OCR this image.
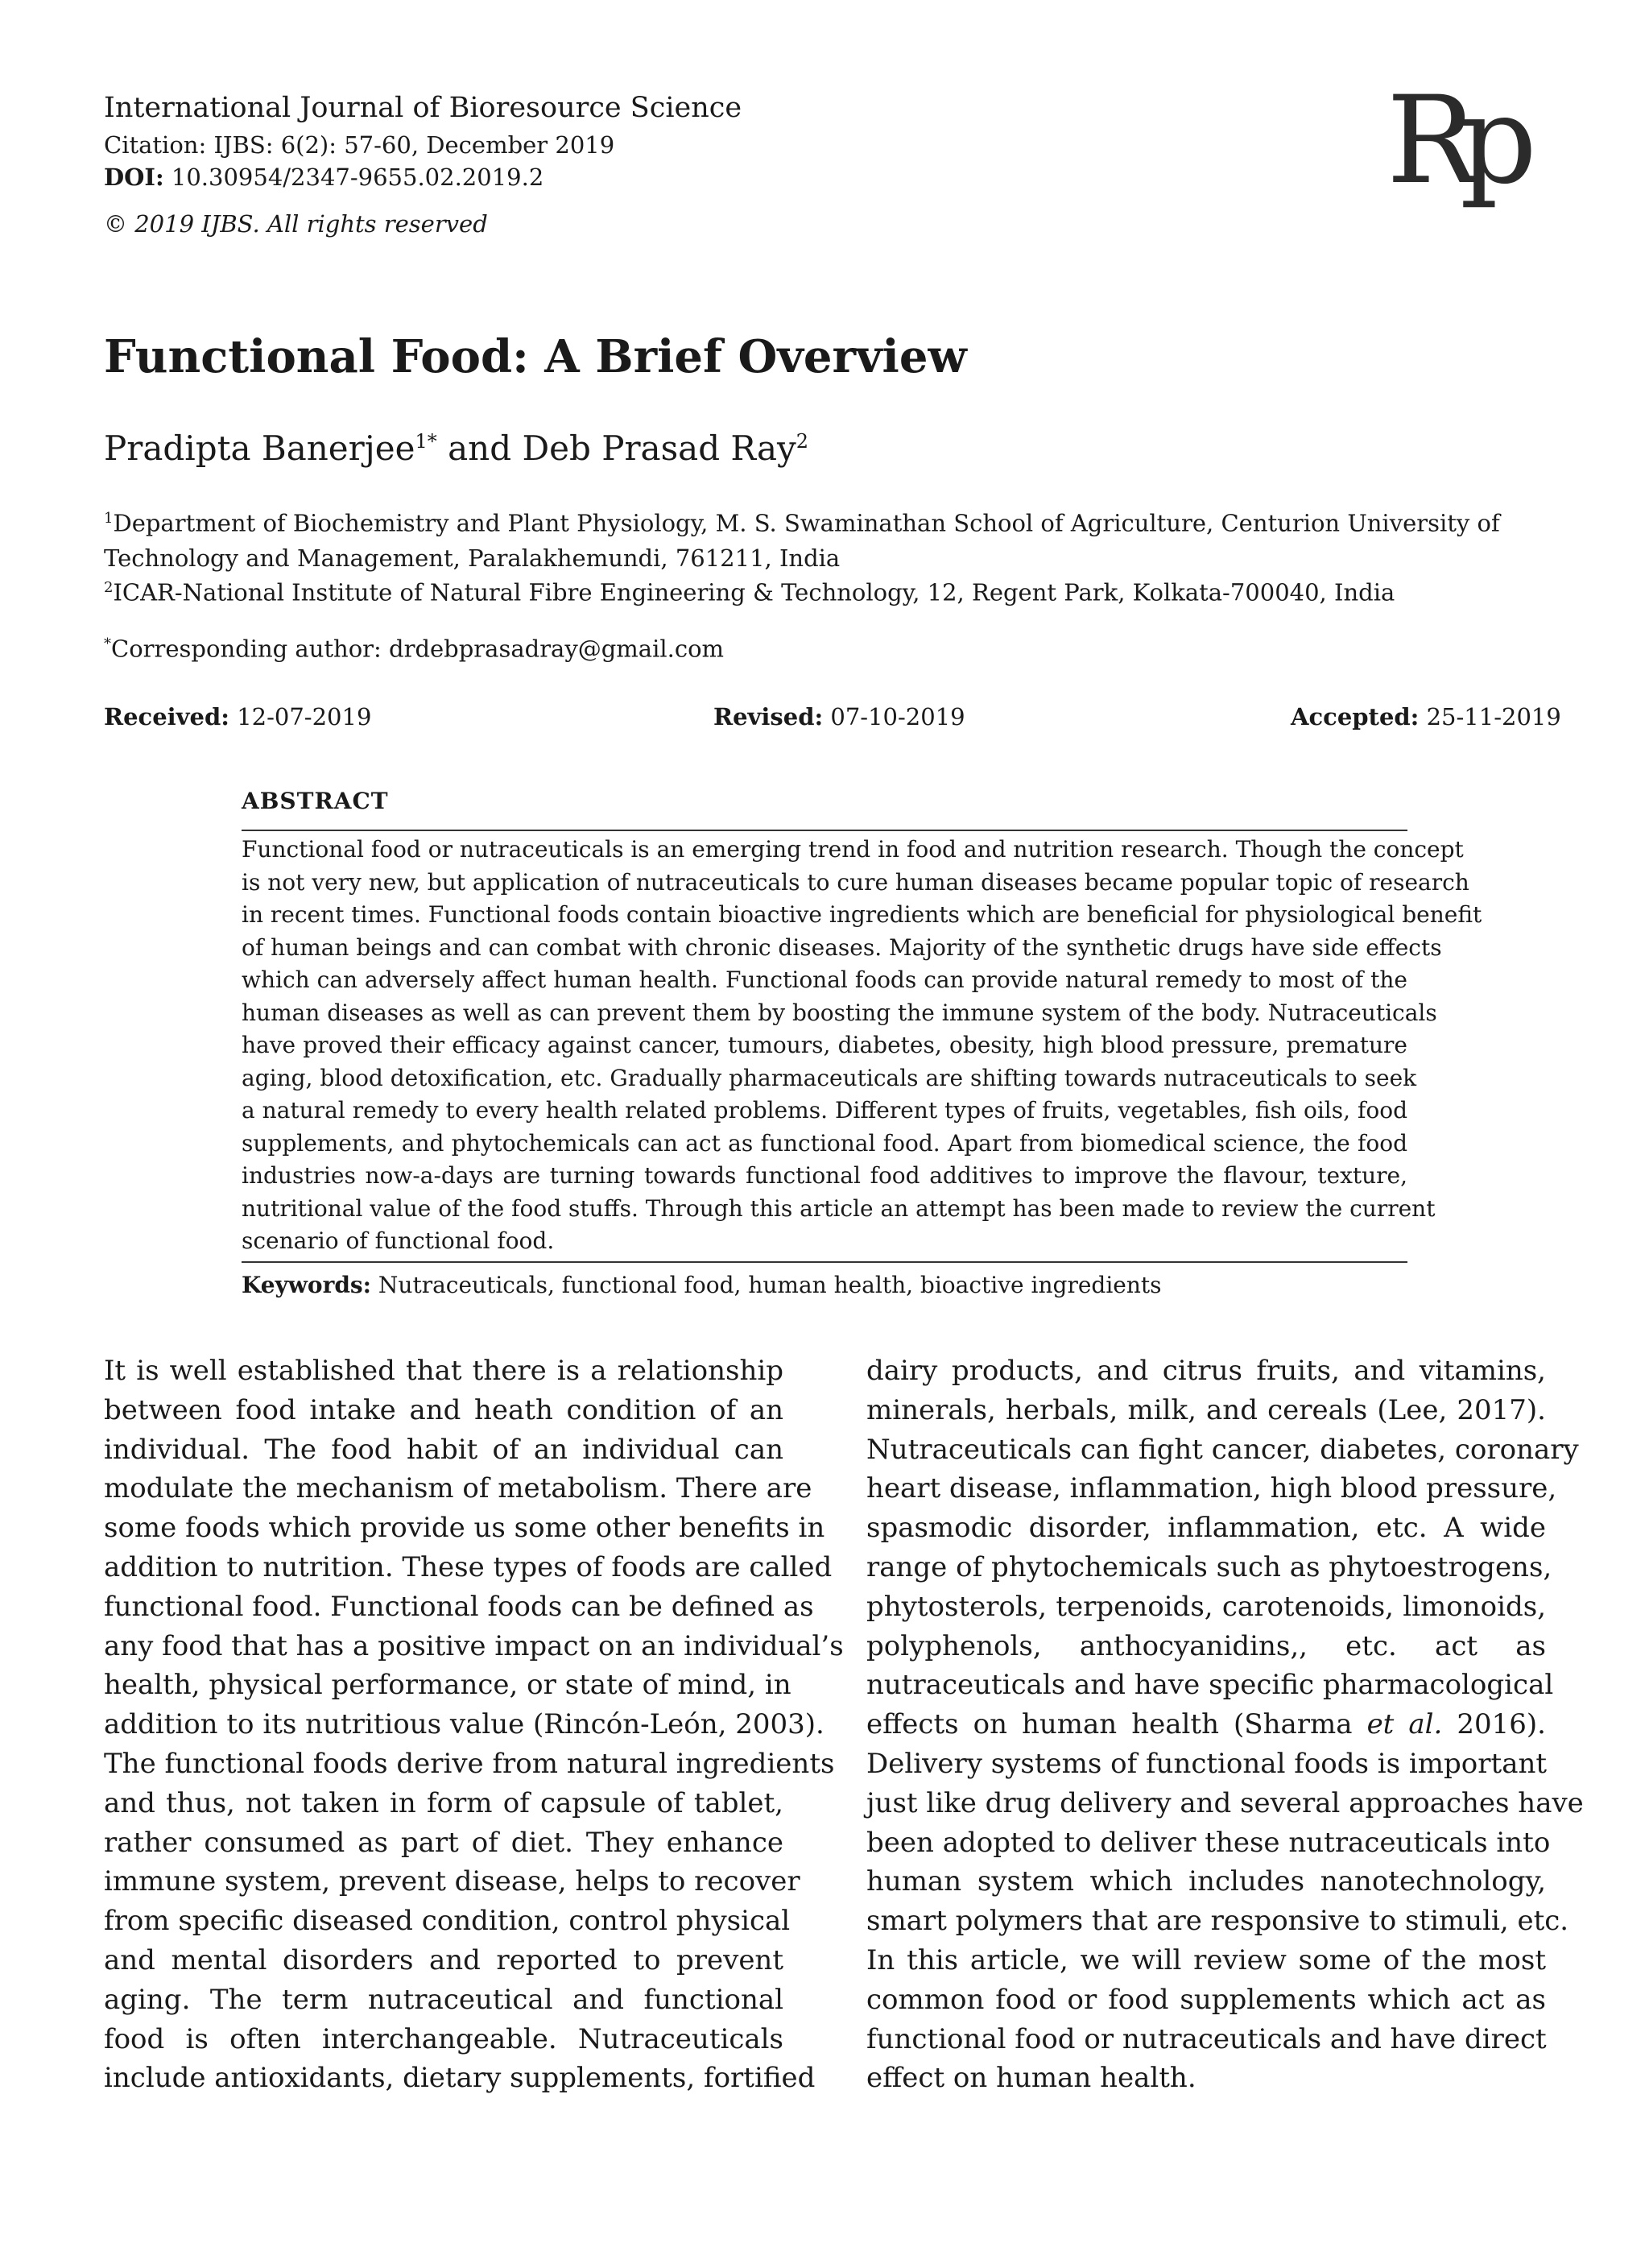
International Journal of Bioresource Science
Citation: IJBS: 6(2): 57-60, December 2019
DOI: 10.30954/2347-9655.02.2019.2
© 2019 IJBS. All rights reserved
Rp
Functional Food: A Brief Overview
Pradipta Banerjee$^{1*}$ and Deb Prasad Ray$^2$
$^1$Department of Biochemistry and Plant Physiology, M. S. Swaminathan School of Agriculture, Centurion University of Technology and Management, Paralakhemundi, 761211, India
$^2$ICAR-National Institute of Natural Fibre Engineering & Technology, 12, Regent Park, Kolkata-700040, India
*Corresponding author: drdebprasadray@gmail.com
Received: 12-07-2019	Revised: 07-10-2019	Accepted: 25-11-2019
ABSTRACT
Functional food or nutraceuticals is an emerging trend in food and nutrition research. Though the concept
is not very new, but application of nutraceuticals to cure human diseases became popular topic of research
in recent times. Functional foods contain bioactive ingredients which are beneficial for physiological benefit
of human beings and can combat with chronic diseases. Majority of the synthetic drugs have side effects
which can adversely affect human health. Functional foods can provide natural remedy to most of the
human diseases as well as can prevent them by boosting the immune system of the body. Nutraceuticals
have proved their efficacy against cancer, tumours, diabetes, obesity, high blood pressure, premature
aging, blood detoxification, etc. Gradually pharmaceuticals are shifting towards nutraceuticals to seek
a natural remedy to every health related problems. Different types of fruits, vegetables, fish oils, food
supplements, and phytochemicals can act as functional food. Apart from biomedical science, the food
industries now-a-days are turning towards functional food additives to improve the flavour, texture,
nutritional value of the food stuffs. Through this article an attempt has been made to review the current
scenario of functional food.
Keywords: Nutraceuticals, functional food, human health, bioactive ingredients
It is well established that there is a relationship
between food intake and heath condition of an
individual. The food habit of an individual can
modulate the mechanism of metabolism. There are
some foods which provide us some other benefits in
addition to nutrition. These types of foods are called
functional food. Functional foods can be defined as
any food that has a positive impact on an individual’s
health, physical performance, or state of mind, in
addition to its nutritious value (Rincón-León, 2003).
The functional foods derive from natural ingredients
and thus, not taken in form of capsule of tablet,
rather consumed as part of diet. They enhance
immune system, prevent disease, helps to recover
from specific diseased condition, control physical
and mental disorders and reported to prevent
aging. The term nutraceutical and functional
food is often interchangeable. Nutraceuticals
include antioxidants, dietary supplements, fortified
dairy products, and citrus fruits, and vitamins,
minerals, herbals, milk, and cereals (Lee, 2017).
Nutraceuticals can fight cancer, diabetes, coronary
heart disease, inflammation, high blood pressure,
spasmodic disorder, inflammation, etc. A wide
range of phytochemicals such as phytoestrogens,
phytosterols, terpenoids, carotenoids, limonoids,
polyphenols, anthocyanidins,, etc. act as
nutraceuticals and have specific pharmacological
effects on human health (Sharma et al. 2016).
Delivery systems of functional foods is important
just like drug delivery and several approaches have
been adopted to deliver these nutraceuticals into
human system which includes nanotechnology,
smart polymers that are responsive to stimuli, etc.
In this article, we will review some of the most
common food or food supplements which act as
functional food or nutraceuticals and have direct
effect on human health.
